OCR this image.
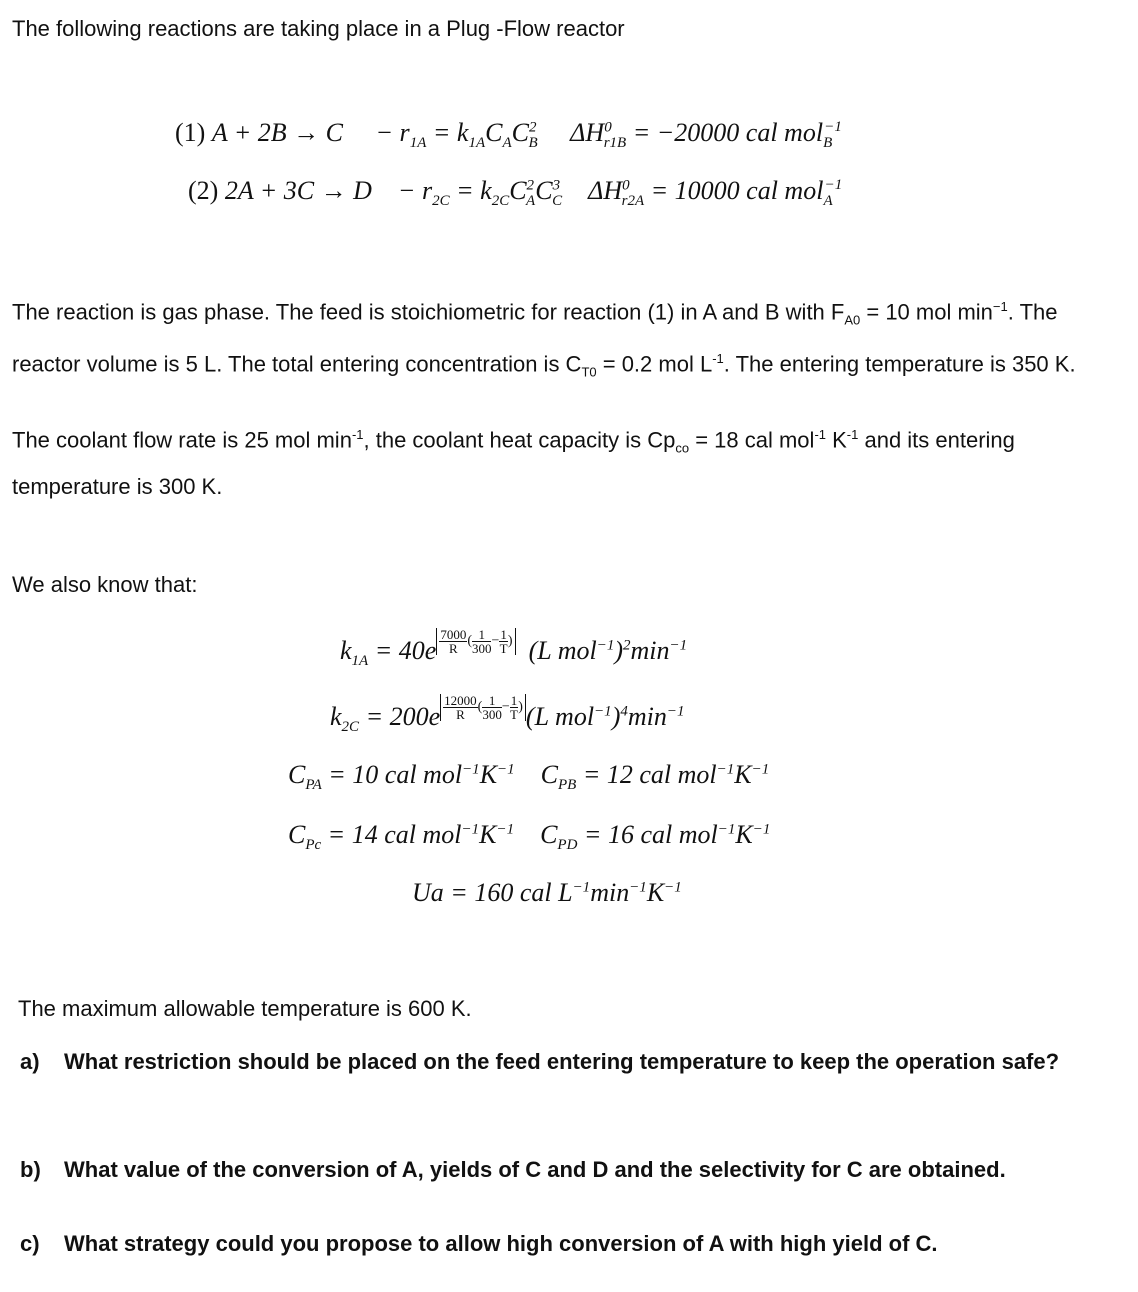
The following reactions are taking place in a Plug -Flow reactor

(1) $A + 2B \to C - r_{1A} = k_{1A}C_AC^2_B$ $\Delta H^0_{r1B} = -20000$ cal mol$_B^{-1}$
(2) $2A + 3C \to D - r_{2C} = k_{2C}C^2_AC^3_C$ $\Delta H^0_{r2A} = 10000$ cal mol$_A^{-1}$

The reaction is gas phase. The feed is stoichiometric for reaction (1) in A and B with $F_{A0} = 10$ mol $\min^{-1}$. The reactor volume is 5 L. The total entering concentration is $C_{T0} = 0.2$ mol $L^{-1}$. The entering temperature is 350 K.

The coolant flow rate is 25 mol $\min^{-1}$, the coolant heat capacity is $Cp_{co} = 18$ cal mol$^{-1}$ $K^{-1}$ and its entering temperature is 300 K.

We also know that:

$k_{1A} = 40e \frac{7000}{R}$ ( $\frac{1}{300} - \frac{1}{T}$ ) (L $mol^{-1})^2\min^{-1}$
$k_{2C} = 200e \frac{12000}{R}$ ( $\frac{1}{300} - \frac{1}{T}$ ) (L $mol^{-1})^4\min^{-1}$
$C_{PA} = 10$ cal $mol^{-1}K^{-1}$ $C_{PB} = 12$ cal $mol^{-1}K^{-1}$
$C_{Pc} = 14$ cal $mol^{-1}K^{-1}$ $C_{PD} = 16$ cal $mol^{-1}K^{-1}$
Ua = 160 cal $L^{-1}\min^{-1}K^{-1}$

The maximum allowable temperature is 600 K.

a) What restriction should be placed on the feed entering temperature to keep the operation safe?
b) What value of the conversion of A, yields of C and D and the selectivity for C are obtained.
c) What strategy could you propose to allow high conversion of A with high yield of C.
